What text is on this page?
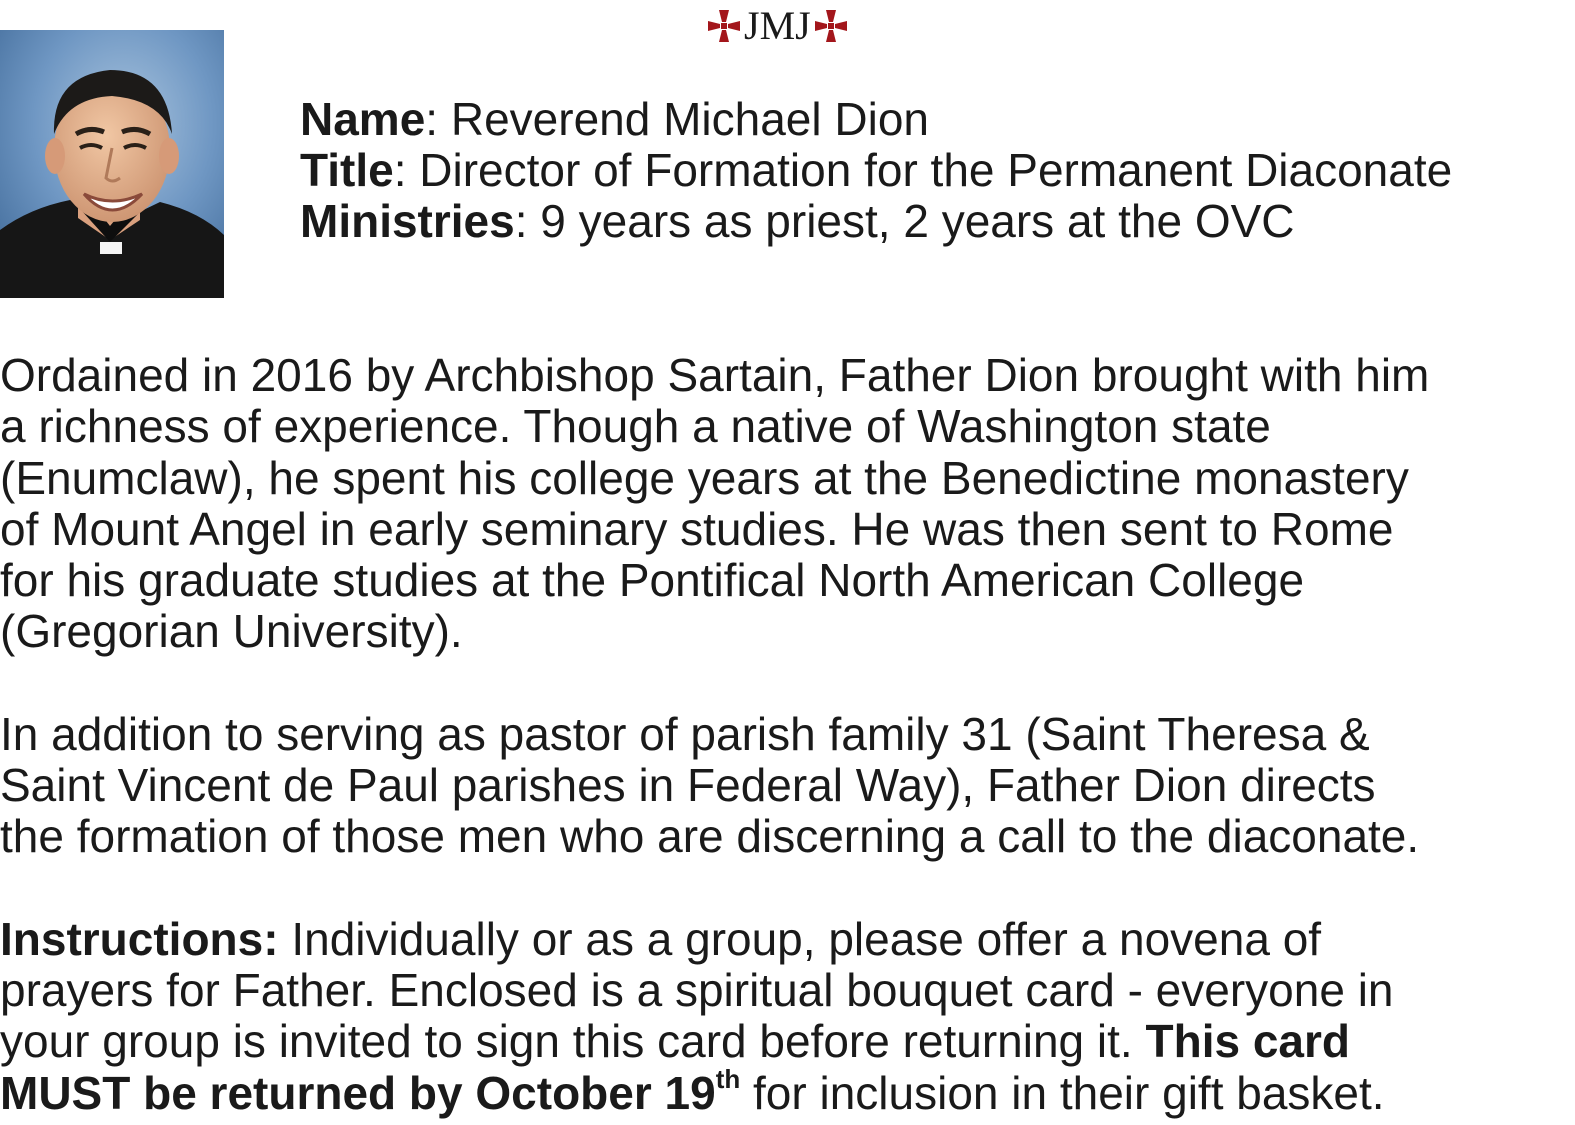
JMJ
Name: Reverend Michael Dion
Title: Director of Formation for the Permanent Diaconate
Ministries: 9 years as priest, 2 years at the OVC
Ordained in 2016 by Archbishop Sartain, Father Dion brought with him
a richness of experience. Though a native of Washington state
(Enumclaw), he spent his college years at the Benedictine monastery
of Mount Angel in early seminary studies. He was then sent to Rome
for his graduate studies at the Pontifical North American College
(Gregorian University).
In addition to serving as pastor of parish family 31 (Saint Theresa &
Saint Vincent de Paul parishes in Federal Way), Father Dion directs
the formation of those men who are discerning a call to the diaconate.
Instructions: Individually or as a group, please offer a novena of
prayers for Father. Enclosed is a spiritual bouquet card - everyone in
your group is invited to sign this card before returning it. This card
MUST be returned by October 19th for inclusion in their gift basket.
